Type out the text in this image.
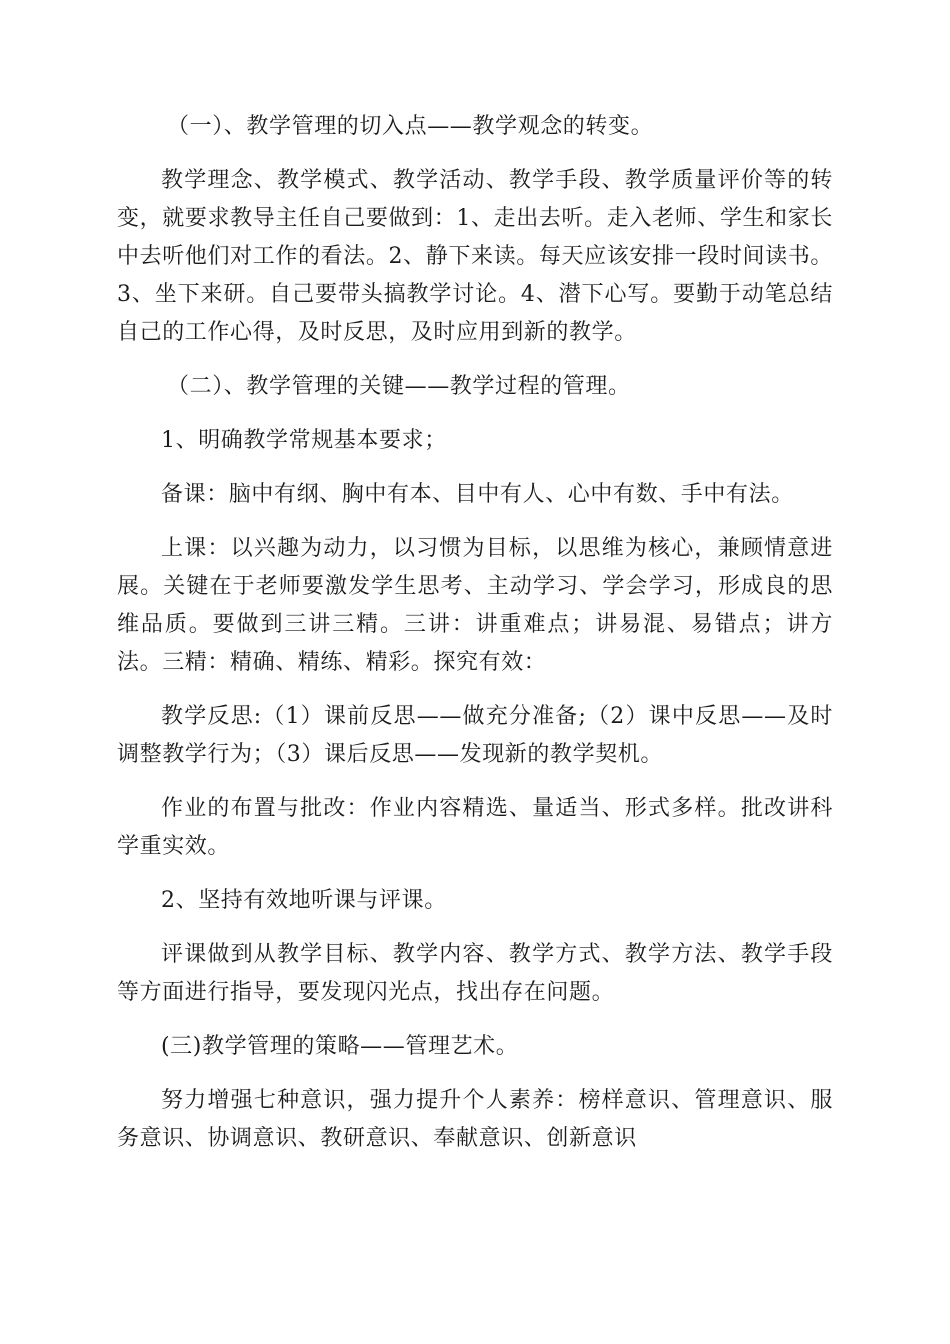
（一）、教学管理的切入点——教学观念的转变。

教学理念、教学模式、教学活动、教学手段、教学质量评价等的转变，就要求教导主任自己要做到：1、走出去听。走入老师、学生和家长中去听他们对工作的看法。2、静下来读。每天应该安排一段时间读书。3、坐下来研。自己要带头搞教学讨论。4、潜下心写。要勤于动笔总结自己的工作心得，及时反思，及时应用到新的教学。

（二）、教学管理的关键——教学过程的管理。

1、明确教学常规基本要求；

备课：脑中有纲、胸中有本、目中有人、心中有数、手中有法。

上课：以兴趣为动力，以习惯为目标，以思维为核心，兼顾情意进展。关键在于老师要激发学生思考、主动学习、学会学习，形成良的思维品质。要做到三讲三精。三讲：讲重难点；讲易混、易错点；讲方法。三精：精确、精练、精彩。探究有效：

教学反思:（1）课前反思——做充分准备;（2）课中反思——及时调整教学行为；（3）课后反思——发现新的教学契机。

作业的布置与批改：作业内容精选、量适当、形式多样。批改讲科学重实效。

2、坚持有效地听课与评课。

评课做到从教学目标、教学内容、教学方式、教学方法、教学手段等方面进行指导，要发现闪光点，找出存在问题。

(三)教学管理的策略——管理艺术。

努力增强七种意识，强力提升个人素养：榜样意识、管理意识、服务意识、协调意识、教研意识、奉献意识、创新意识
